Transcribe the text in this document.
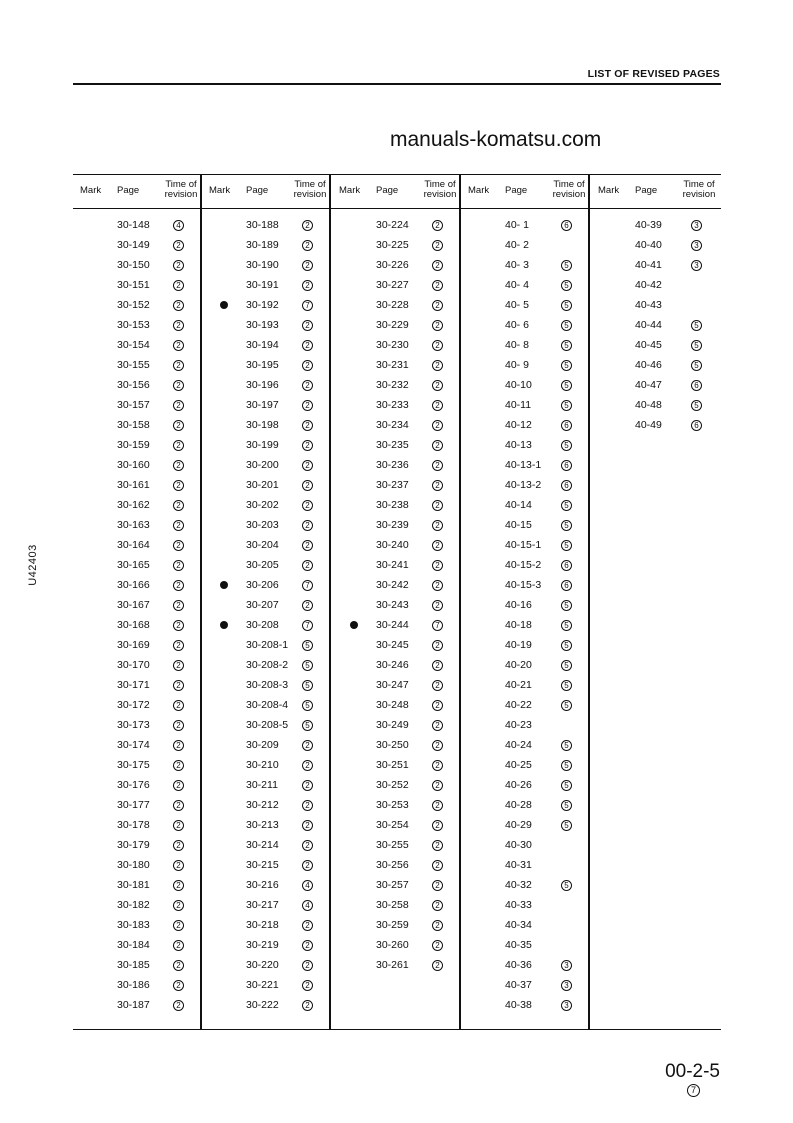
LIST OF REVISED PAGES
manuals-komatsu.com
U42403
Mark Page
Time of
revision
30-148	4
30-149	2
30-150	2
30-151	2
30-152	2
30-153	2
30-154	2
30-155	2
30-156	2
30-157	2
30-158	2
30-159	2
30-160	2
30-161	2
30-162	2
30-163	2
30-164	2
30-165	2
30-166	2
30-167	2
30-168	2
30-169	2
30-170	2
30-171	2
30-172	2
30-173	2
30-174	2
30-175	2
30-176	2
30-177	2
30-178	2
30-179	2
30-180	2
30-181	2
30-182	2
30-183	2
30-184	2
30-185	2
30-186	2
30-187	2
Mark Page
Time of
revision
30-188	2
30-189	2
30-190	2
30-191	2
30-192	7
30-193	2
30-194	2
30-195	2
30-196	2
30-197	2
30-198	2
30-199	2
30-200	2
30-201	2
30-202	2
30-203	2
30-204	2
30-205	2
30-206	7
30-207	2
30-208	7
30-208-1	5
30-208-2	5
30-208-3	5
30-208-4	5
30-208-5	5
30-209	2
30-210	2
30-211	2
30-212	2
30-213	2
30-214	2
30-215	2
30-216	4
30-217	4
30-218	2
30-219	2
30-220	2
30-221	2
30-222	2
Mark Page
Time of
revision
30-224	2
30-225	2
30-226	2
30-227	2
30-228	2
30-229	2
30-230	2
30-231	2
30-232	2
30-233	2
30-234	2
30-235	2
30-236	2
30-237	2
30-238	2
30-239	2
30-240	2
30-241	2
30-242	2
30-243	2
30-244	7
30-245	2
30-246	2
30-247	2
30-248	2
30-249	2
30-250	2
30-251	2
30-252	2
30-253	2
30-254	2
30-255	2
30-256	2
30-257	2
30-258	2
30-259	2
30-260	2
30-261	2
Mark Page
Time of
revision
40- 1	6
40- 2
40- 3	5
40- 4	5
40- 5	5
40- 6	5
40- 8	5
40- 9	5
40-10	5
40-11	5
40-12	6
40-13	5
40-13-1	6
40-13-2	6
40-14	5
40-15	5
40-15-1	5
40-15-2	6
40-15-3	6
40-16	5
40-18	5
40-19	5
40-20	5
40-21	5
40-22	5
40-23
40-24	5
40-25	5
40-26	5
40-28	5
40-29	5
40-30
40-31
40-32	5
40-33
40-34
40-35
40-36	3
40-37	3
40-38	3
Mark Page
Time of
revision
40-39	3
40-40	3
40-41	3
40-42
40-43
40-44	5
40-45	5
40-46	5
40-47	6
40-48	5
40-49	6
00-2-5
7
